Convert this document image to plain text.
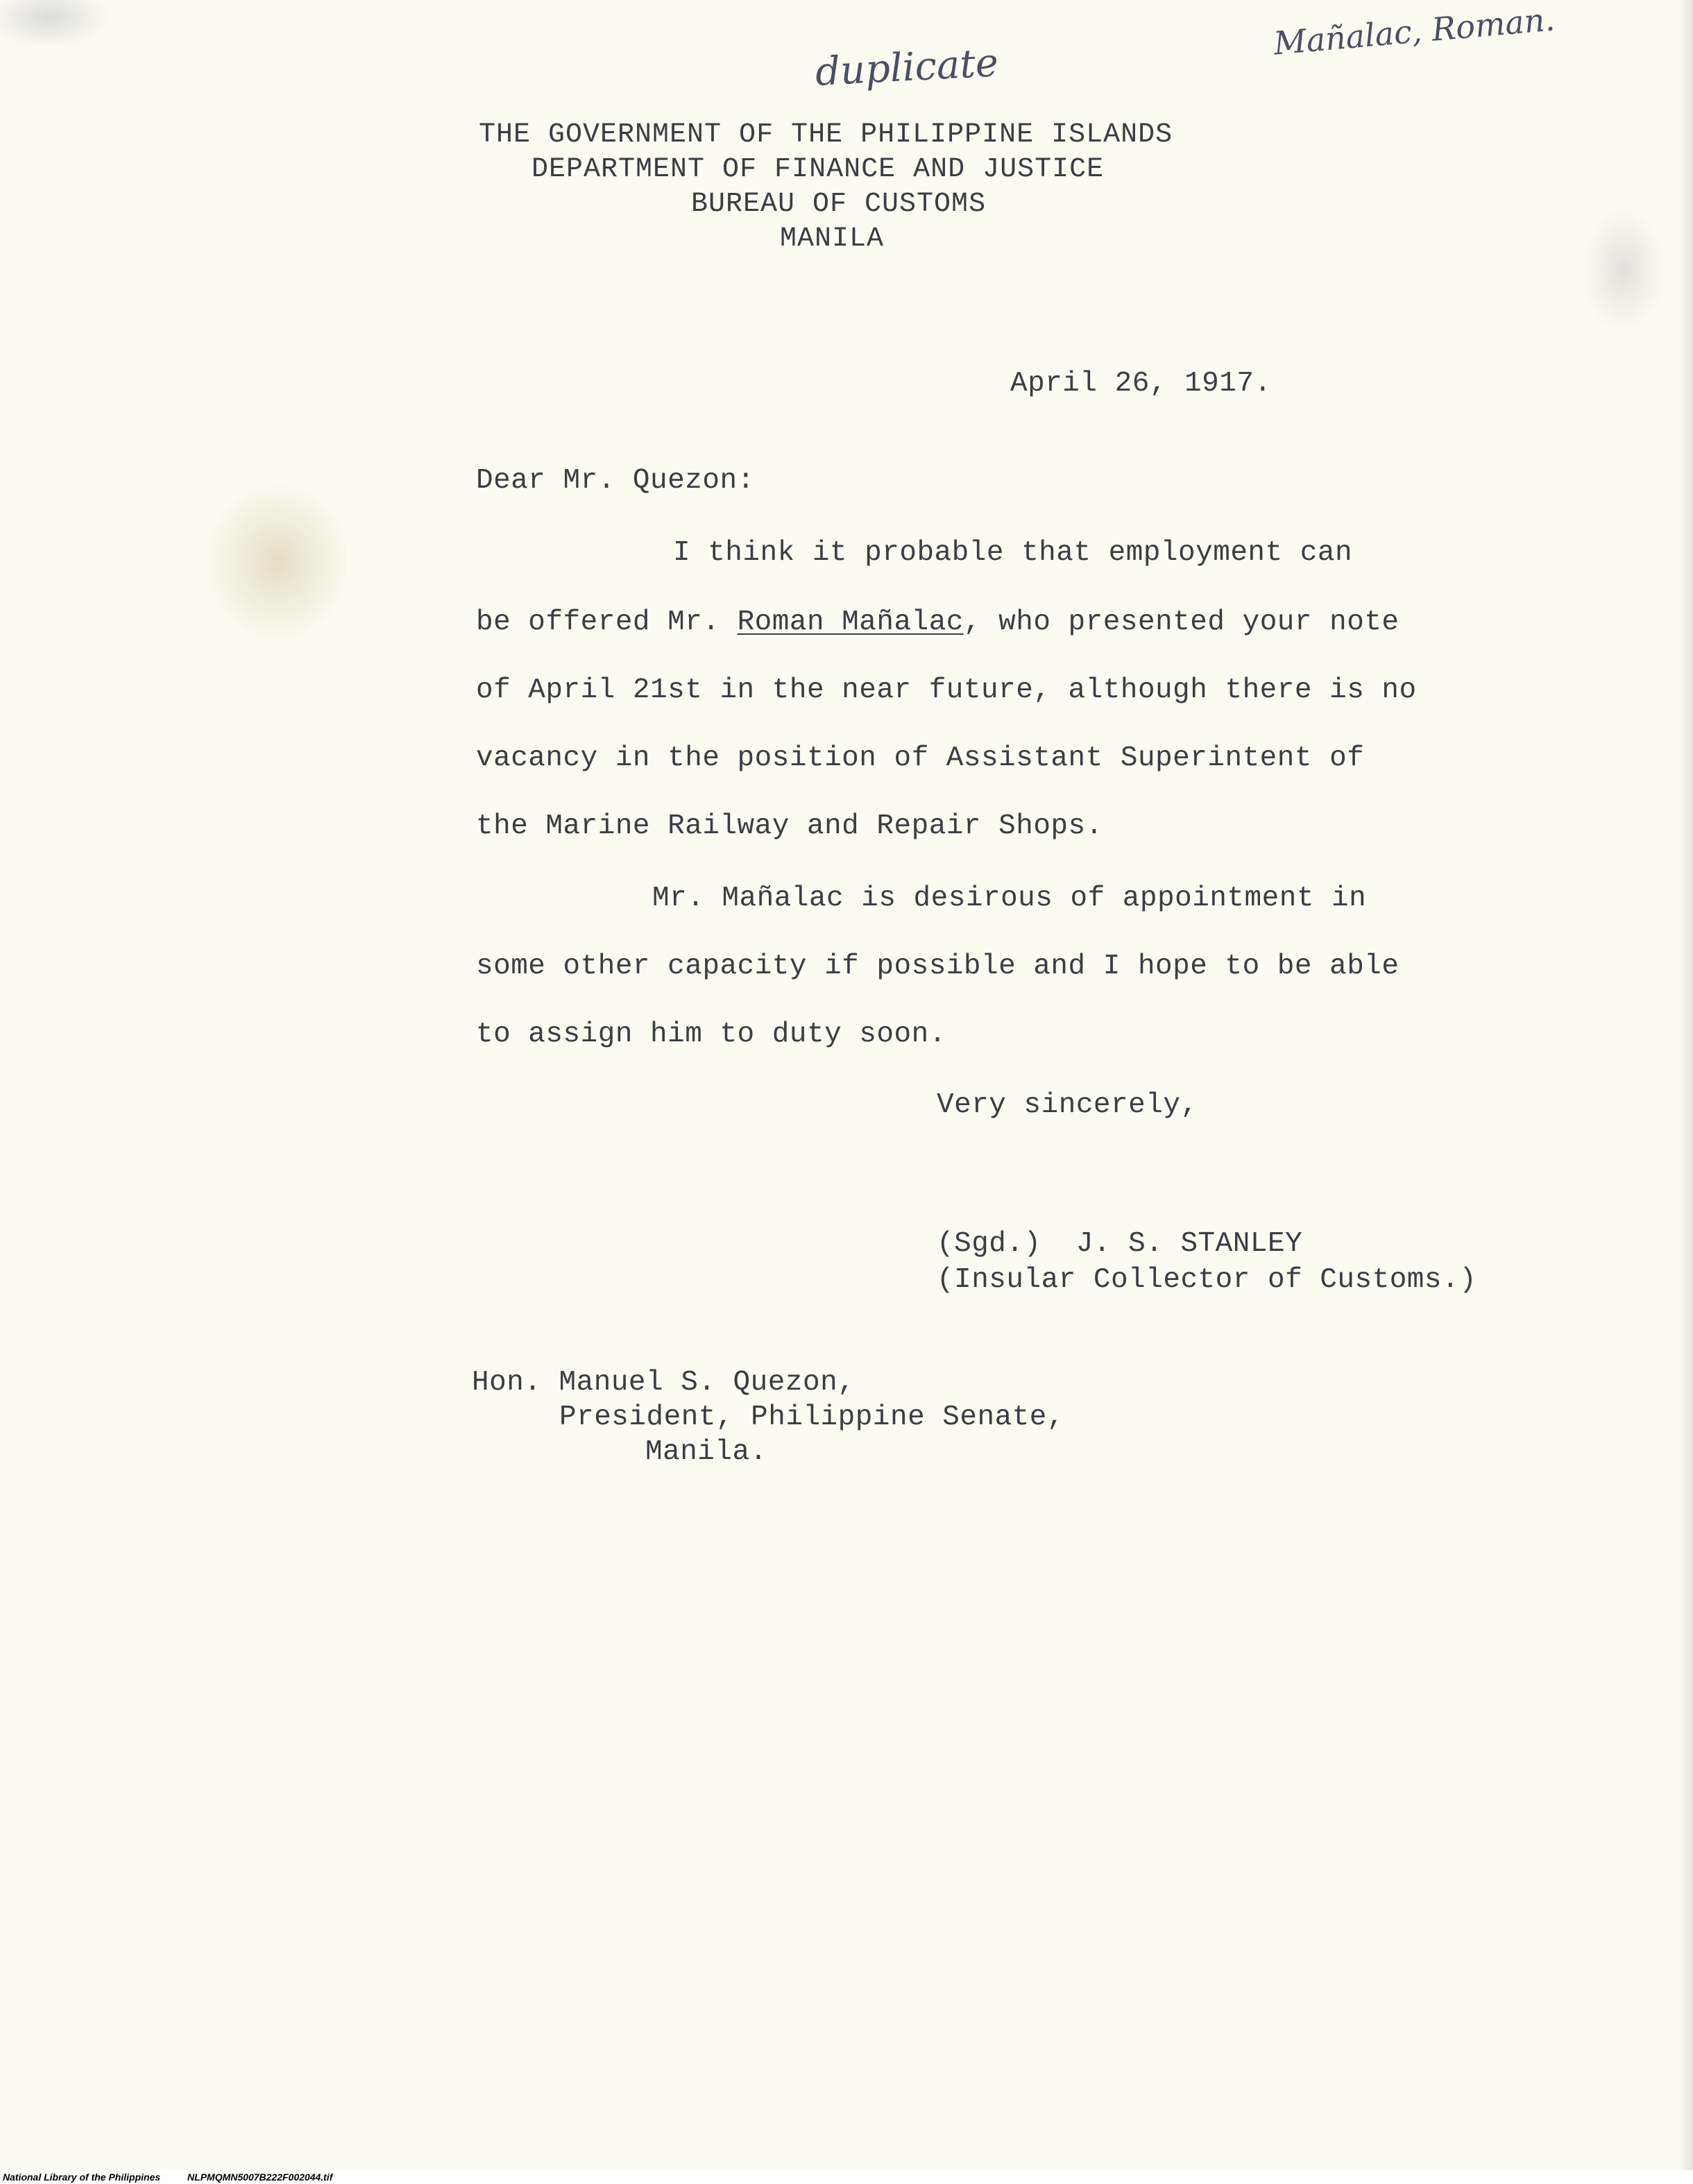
duplicate
Mañalac, Roman.
THE GOVERNMENT OF THE PHILIPPINE ISLANDS
DEPARTMENT OF FINANCE AND JUSTICE
BUREAU OF CUSTOMS
MANILA
April 26, 1917.
Dear Mr. Quezon:
I think it probable that employment can
be offered Mr. Roman Mañalac, who presented your note
of April 21st in the near future, although there is no
vacancy in the position of Assistant Superintent of
the Marine Railway and Repair Shops.
Mr. Mañalac is desirous of appointment in
some other capacity if possible and I hope to be able
to assign him to duty soon.
Very sincerely,
(Sgd.)  J. S. STANLEY
(Insular Collector of Customs.)
Hon. Manuel S. Quezon,
President, Philippine Senate,
Manila.
National Library of the Philippines	NLPMQMN5007B222F002044.tif
